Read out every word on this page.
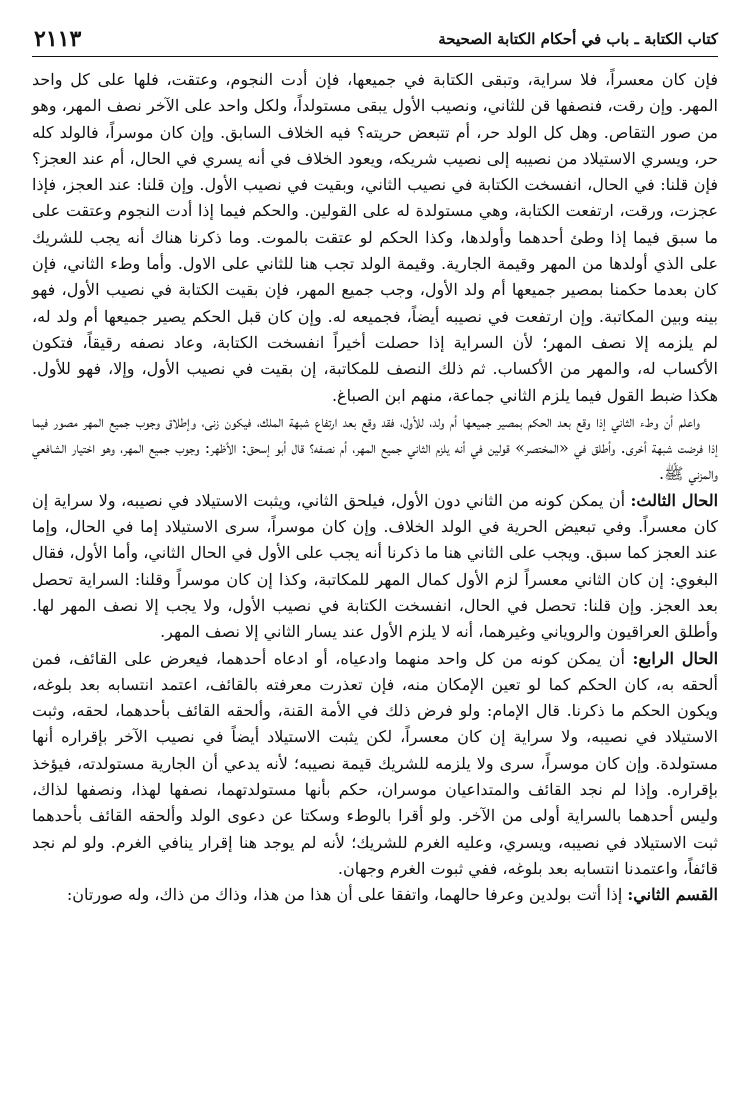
كتاب الكتابة ـ باب في أحكام الكتابة الصحيحة
٢١١٣

فإن كان معسراً، فلا سراية، وتبقى الكتابة في جميعها، فإن أدت النجوم، وعتقت، فلها على كل واحد المهر. وإن رقت، فنصفها قن للثاني، ونصيب الأول يبقى مستولداً، ولكل واحد على الآخر نصف المهر، وهو من صور التقاص. وهل كل الولد حر، أم تتبعض حريته؟ فيه الخلاف السابق. وإن كان موسراً، فالولد كله حر، ويسري الاستيلاد من نصيبه إلى نصيب شريكه، ويعود الخلاف في أنه يسري في الحال، أم عند العجز؟ فإن قلنا: في الحال، انفسخت الكتابة في نصيب الثاني، وبقيت في نصيب الأول. وإن قلنا: عند العجز، فإذا عجزت، ورقت، ارتفعت الكتابة، وهي مستولدة له على القولين. والحكم فيما إذا أدت النجوم وعتقت على ما سبق فيما إذا وطئ أحدهما وأولدها، وكذا الحكم لو عتقت بالموت. وما ذكرنا هناك أنه يجب للشريك على الذي أولدها من المهر وقيمة الجارية. وقيمة الولد تجب هنا للثاني على الاول. وأما وطء الثاني، فإن كان بعدما حكمنا بمصير جميعها أم ولد الأول، وجب جميع المهر، فإن بقيت الكتابة في نصيب الأول، فهو بينه وبين المكاتبة. وإن ارتفعت في نصيبه أيضاً، فجميعه له. وإن كان قبل الحكم يصير جميعها أم ولد له، لم يلزمه إلا نصف المهر؛ لأن السراية إذا حصلت أخيراً انفسخت الكتابة، وعاد نصفه رقيقاً، فتكون الأكساب له، والمهر من الأكساب. ثم ذلك النصف للمكاتبة، إن بقيت في نصيب الأول، وإلا، فهو للأول. هكذا ضبط القول فيما يلزم الثاني جماعة، منهم ابن الصباغ.

واعلم أن وطء الثاني إذا وقع بعد الحكم بمصير جميعها أم ولد، للأول، فقد وقع بعد ارتفاع شبهة الملك، فيكون زنى، وإطلاق وجوب جميع المهر مصور فيما إذا فرضت شبهة أخرى. وأطلق في «المختصر» قولين في أنه يلزم الثاني جميع المهر، أم نصفه؟ قال أبو إسحق: الأظهر: وجوب جميع المهر، وهو اختيار الشافعي والمزني ﷺ.

الحال الثالث: أن يمكن كونه من الثاني دون الأول، فيلحق الثاني، ويثبت الاستيلاد في نصيبه، ولا سراية إن كان معسراً. وفي تبعيض الحرية في الولد الخلاف. وإن كان موسراً، سرى الاستيلاد إما في الحال، وإما عند العجز كما سبق. ويجب على الثاني هنا ما ذكرنا أنه يجب على الأول في الحال الثاني، وأما الأول، فقال البغوي: إن كان الثاني معسراً لزم الأول كمال المهر للمكاتبة، وكذا إن كان موسراً وقلنا: السراية تحصل بعد العجز. وإن قلنا: تحصل في الحال، انفسخت الكتابة في نصيب الأول، ولا يجب إلا نصف المهر لها. وأطلق العراقيون والروياني وغيرهما، أنه لا يلزم الأول عند يسار الثاني إلا نصف المهر.

الحال الرابع: أن يمكن كونه من كل واحد منهما وادعياه، أو ادعاه أحدهما، فيعرض على القائف، فمن ألحقه به، كان الحكم كما لو تعين الإمكان منه، فإن تعذرت معرفته بالقائف، اعتمد انتسابه بعد بلوغه، ويكون الحكم ما ذكرنا. قال الإمام: ولو فرض ذلك في الأمة القنة، وألحقه القائف بأحدهما، لحقه، وثبت الاستيلاد في نصيبه، ولا سراية إن كان معسراً، لكن يثبت الاستيلاد أيضاً في نصيب الآخر بإقراره أنها مستولدة. وإن كان موسراً، سرى ولا يلزمه للشريك قيمة نصيبه؛ لأنه يدعي أن الجارية مستولدته، فيؤخذ بإقراره. وإذا لم نجد القائف والمتداعيان موسران، حكم بأنها مستولدتهما، نصفها لهذا، ونصفها لذاك، وليس أحدهما بالسراية أولى من الآخر. ولو أقرا بالوطء وسكتا عن دعوى الولد وألحقه القائف بأحدهما ثبت الاستيلاد في نصيبه، ويسري، وعليه الغرم للشريك؛ لأنه لم يوجد هنا إقرار ينافي الغرم. ولو لم نجد قائفاً، واعتمدنا انتسابه بعد بلوغه، ففي ثبوت الغرم وجهان.

القسم الثاني: إذا أتت بولدين وعرفا حالهما، واتفقا على أن هذا من هذا، وذاك من ذاك، وله صورتان:
